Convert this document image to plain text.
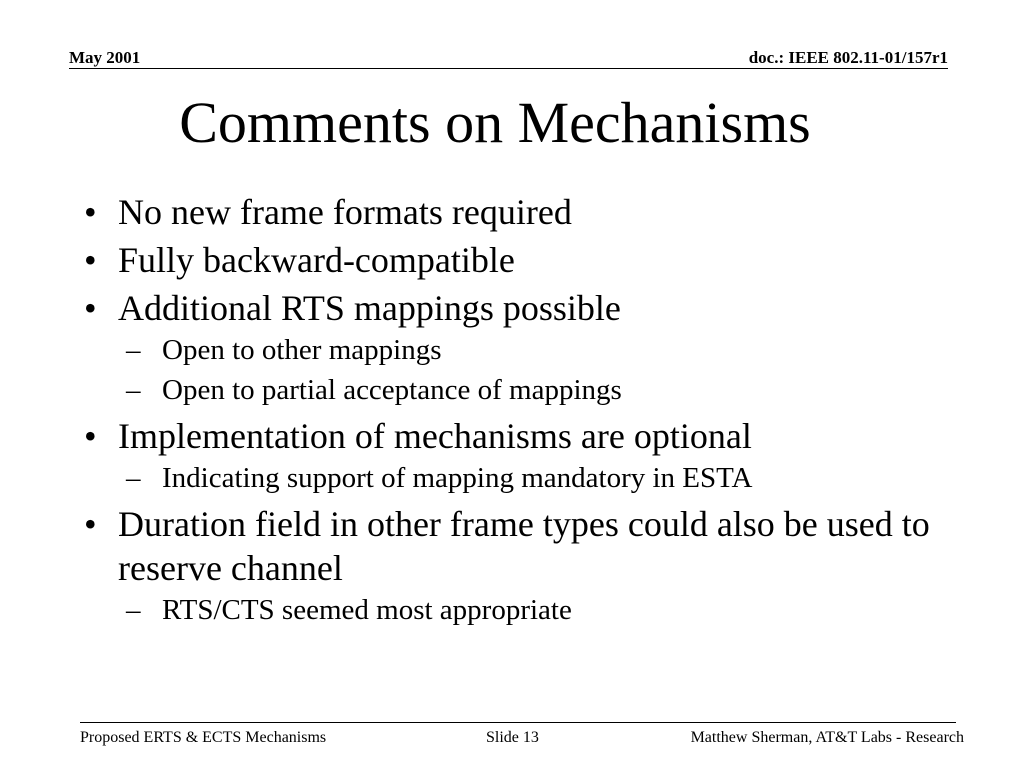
May 2001	doc.: IEEE 802.11-01/157r1
Comments on Mechanisms
• No new frame formats required
• Fully backward-compatible
• Additional RTS mappings possible
– Open to other mappings
– Open to partial acceptance of mappings
• Implementation of mechanisms are optional
– Indicating support of mapping mandatory in ESTA
• Duration field in other frame types could also be used to reserve channel
– RTS/CTS seemed most appropriate
Proposed ERTS & ECTS Mechanisms	Slide 13	Matthew Sherman, AT&T Labs - Research
